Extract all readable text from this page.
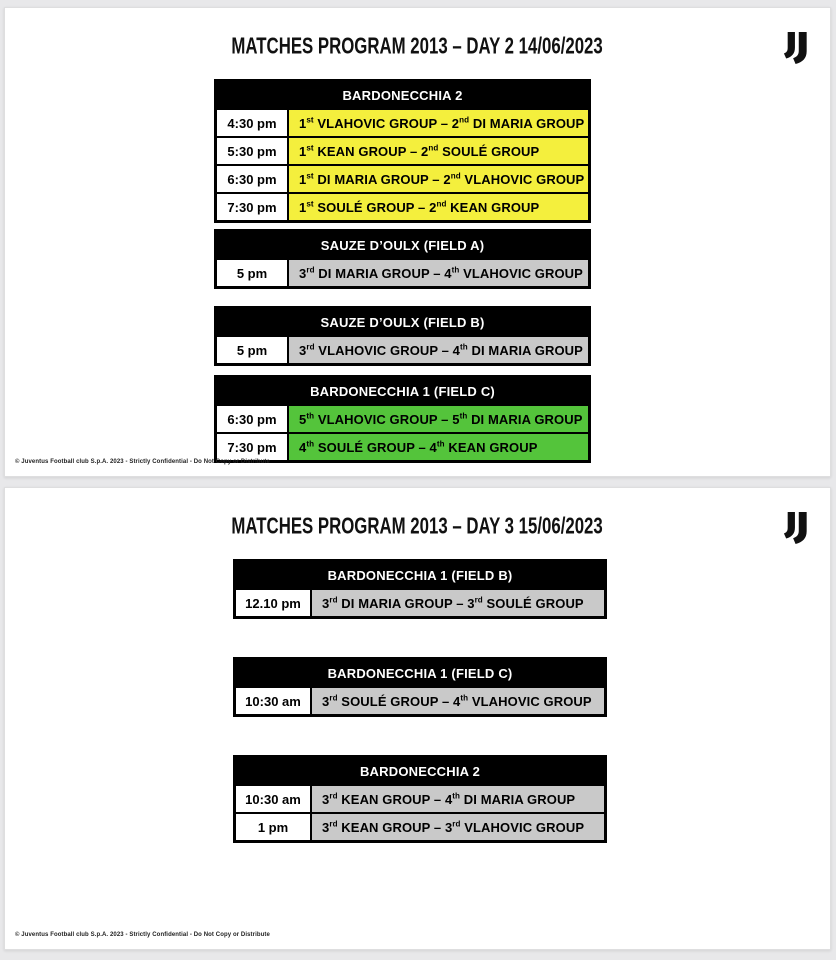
MATCHES PROGRAM 2013 – DAY 2 14/06/2023
BARDONECCHIA 2
4:30 pm	1st VLAHOVIC GROUP – 2nd DI MARIA GROUP
5:30 pm	1st KEAN GROUP – 2nd SOULÉ GROUP
6:30 pm	1st DI MARIA GROUP – 2nd VLAHOVIC GROUP
7:30 pm	1st SOULÉ GROUP – 2nd KEAN GROUP
SAUZE D’OULX (FIELD A)
5 pm	3rd DI MARIA GROUP – 4th VLAHOVIC GROUP
SAUZE D’OULX (FIELD B)
5 pm	3rd VLAHOVIC GROUP – 4th DI MARIA GROUP
BARDONECCHIA 1 (FIELD C)
6:30 pm	5th VLAHOVIC GROUP – 5th DI MARIA GROUP
7:30 pm	4th SOULÉ GROUP – 4th KEAN GROUP
© Juventus Football club S.p.A. 2023 - Strictly Confidential - Do Not Copy or Distribute
MATCHES PROGRAM 2013 – DAY 3 15/06/2023
BARDONECCHIA 1 (FIELD B)
12.10 pm	3rd DI MARIA GROUP – 3rd SOULÉ GROUP
BARDONECCHIA 1 (FIELD C)
10:30 am	3rd SOULÉ GROUP – 4th VLAHOVIC GROUP
BARDONECCHIA 2
10:30 am	3rd KEAN GROUP – 4th DI MARIA GROUP
1 pm	3rd KEAN GROUP – 3rd VLAHOVIC GROUP
© Juventus Football club S.p.A. 2023 - Strictly Confidential - Do Not Copy or Distribute
